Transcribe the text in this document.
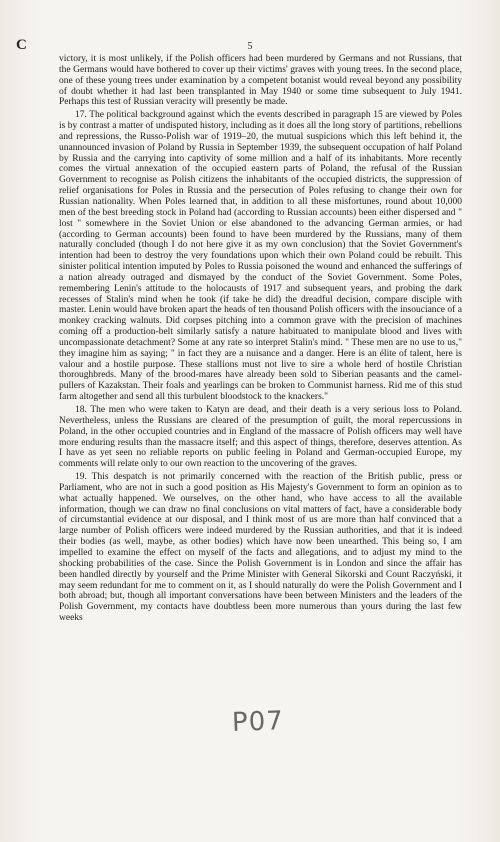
C	5

victory, it is most unlikely, if the Polish officers had been murdered by Germans and not Russians, that the Germans would have bothered to cover up their victims' graves with young trees. In the second place, one of these young trees under examination by a competent botanist would reveal beyond any possibility of doubt whether it had last been transplanted in May 1940 or some time subsequent to July 1941. Perhaps this test of Russian veracity will presently be made.

17. The political background against which the events described in paragraph 15 are viewed by Poles is by contrast a matter of undisputed history, including as it does all the long story of partitions, rebellions and repressions, the Russo-Polish war of 1919–20, the mutual suspicions which this left behind it, the unannounced invasion of Poland by Russia in September 1939, the subsequent occupation of half Poland by Russia and the carrying into captivity of some million and a half of its inhabitants. More recently comes the virtual annexation of the occupied eastern parts of Poland, the refusal of the Russian Government to recognise as Polish citizens the inhabitants of the occupied districts, the suppression of relief organisations for Poles in Russia and the persecution of Poles refusing to change their own for Russian nationality. When Poles learned that, in addition to all these misfortunes, round about 10,000 men of the best breeding stock in Poland had (according to Russian accounts) been either dispersed and " lost " somewhere in the Soviet Union or else abandoned to the advancing German armies, or had (according to German accounts) been found to have been murdered by the Russians, many of them naturally concluded (though I do not here give it as my own conclusion) that the Soviet Government's intention had been to destroy the very foundations upon which their own Poland could be rebuilt. This sinister political intention imputed by Poles to Russia poisoned the wound and enhanced the sufferings of a nation already outraged and dismayed by the conduct of the Soviet Government. Some Poles, remembering Lenin's attitude to the holocausts of 1917 and subsequent years, and probing the dark recesses of Stalin's mind when he took (if take he did) the dreadful decision, compare disciple with master. Lenin would have broken apart the heads of ten thousand Polish officers with the insouciance of a monkey cracking walnuts. Did corpses pitching into a common grave with the precision of machines coming off a production-belt similarly satisfy a nature habituated to manipulate blood and lives with uncompassionate detachment? Some at any rate so interpret Stalin's mind. " These men are no use to us," they imagine him as saying; " in fact they are a nuisance and a danger. Here is an élite of talent, here is valour and a hostile purpose. These stallions must not live to sire a whole herd of hostile Christian thoroughbreds. Many of the brood-mares have already been sold to Siberian peasants and the camel-pullers of Kazakstan. Their foals and yearlings can be broken to Communist harness. Rid me of this stud farm altogether and send all this turbulent bloodstock to the knackers."

18. The men who were taken to Katyn are dead, and their death is a very serious loss to Poland. Nevertheless, unless the Russians are cleared of the presumption of guilt, the moral repercussions in Poland, in the other occupied countries and in England of the massacre of Polish officers may well have more enduring results than the massacre itself; and this aspect of things, therefore, deserves attention. As I have as yet seen no reliable reports on public feeling in Poland and German-occupied Europe, my comments will relate only to our own reaction to the uncovering of the graves.

19. This despatch is not primarily concerned with the reaction of the British public, press or Parliament, who are not in such a good position as His Majesty's Government to form an opinion as to what actually happened. We ourselves, on the other hand, who have access to all the available information, though we can draw no final conclusions on vital matters of fact, have a considerable body of circumstantial evidence at our disposal, and I think most of us are more than half convinced that a large number of Polish officers were indeed murdered by the Russian authorities, and that it is indeed their bodies (as well, maybe, as other bodies) which have now been unearthed. This being so, I am impelled to examine the effect on myself of the facts and allegations, and to adjust my mind to the shocking probabilities of the case. Since the Polish Government is in London and since the affair has been handled directly by yourself and the Prime Minister with General Sikorski and Count Raczyński, it may seem redundant for me to comment on it, as I should naturally do were the Polish Government and I both abroad; but, though all important conversations have been between Ministers and the leaders of the Polish Government, my contacts have doubtless been more numerous than yours during the last few weeks

P07
